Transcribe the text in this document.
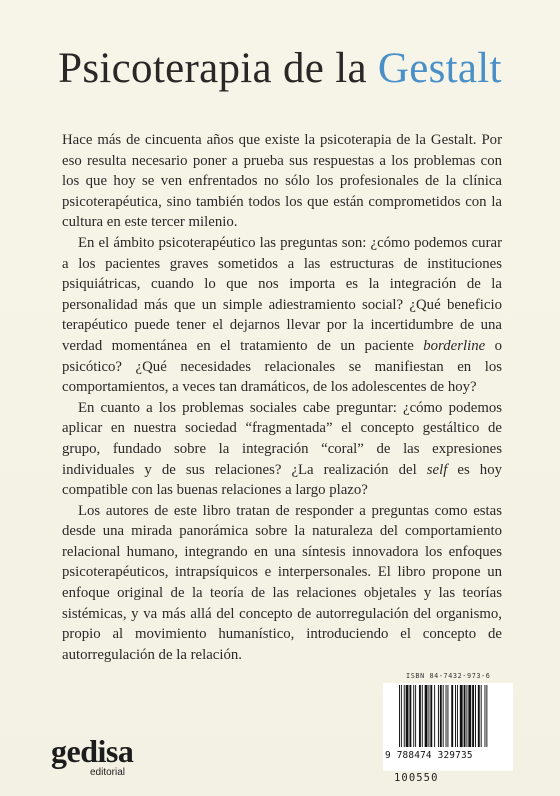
Psicoterapia de la Gestalt

Hace más de cincuenta años que existe la psicoterapia de la Gestalt. Por eso resulta necesario poner a prueba sus respuestas a los problemas con los que hoy se ven enfrentados no sólo los profesionales de la clínica psicoterapéutica, sino también todos los que están comprometidos con la cultura en este tercer milenio.

En el ámbito psicoterapéutico las preguntas son: ¿cómo podemos curar a los pacientes graves sometidos a las estructuras de instituciones psiquiátricas, cuando lo que nos importa es la integración de la personalidad más que un simple adiestramiento social? ¿Qué beneficio terapéutico puede tener el dejarnos llevar por la incertidumbre de una verdad momentánea en el tratamiento de un paciente borderline o psicótico? ¿Qué necesidades relacionales se manifiestan en los comportamientos, a veces tan dramáticos, de los adolescentes de hoy?

En cuanto a los problemas sociales cabe preguntar: ¿cómo podemos aplicar en nuestra sociedad “fragmentada” el concepto gestáltico de grupo, fundado sobre la integración “coral” de las expresiones individuales y de sus relaciones? ¿La realización del self es hoy compatible con las buenas relaciones a largo plazo?

Los autores de este libro tratan de responder a preguntas como estas desde una mirada panorámica sobre la naturaleza del comportamiento relacional humano, integrando en una síntesis innovadora los enfoques psicoterapéuticos, intrapsíquicos e interpersonales. El libro propone un enfoque original de la teoría de las relaciones objetales y las teorías sistémicas, y va más allá del concepto de autorregulación del organismo, propio al movimiento humanístico, introduciendo el concepto de autorregulación de la relación.

ISBN 84-7432-973-6
9 788474 329735
100550
gedisa
editorial
